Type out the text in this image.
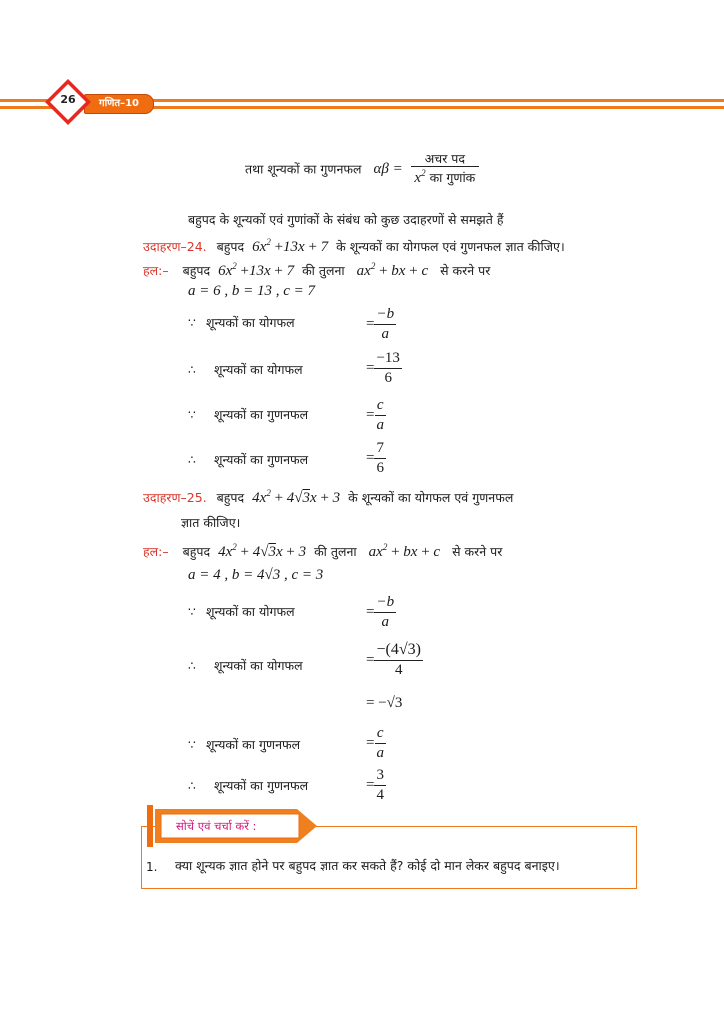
गणित–10
26
तथा शून्यकों का गुणनफल $\alpha\beta = \frac{\text{अचर पद}}{x^2 का गुणांक}$
बहुपद के शून्यकों एवं गुणांकों के संबंध को कुछ उदाहरणों से समझते हैं
उदाहरण–24. बहुपद $6x^2 +13x + 7$ के शून्यकों का योगफल एवं गुणनफल ज्ञात कीजिए।
हल:– बहुपद $6x^2 +13x + 7$ की तुलना $ax^2$ + bx + c से करने पर
a = 6 , b = 13 , c = 7
∵ शून्यकों का योगफल	= $\frac{-b}{a}$
∴ शून्यकों का योगफल	= $\frac{-13}{6}$
∵ शून्यकों का गुणनफल	= $\frac{c}{a}$
∴ शून्यकों का गुणनफल	= $\frac{7}{6}$
उदाहरण–25. बहुपद $4x^2 + 4√3x + 3$ के शून्यकों का योगफल एवं गुणनफल
ज्ञात कीजिए।
हल:– बहुपद $4x^2 + 4√3x + 3$ की तुलना $ax^2$ + bx + c से करने पर
a = 4 , b = 4√3 , c = 3
∵ शून्यकों का योगफल	= $\frac{-b}{a}$
∴ शून्यकों का योगफल	= $\frac{-(4√3)}{4}$
= −√3
∵ शून्यकों का गुणनफल	= $\frac{c}{a}$
∴ शून्यकों का गुणनफल	= $\frac{3}{4}$
सोचें एवं चर्चा करें :
1. क्या शून्यक ज्ञात होने पर बहुपद ज्ञात कर सकते हैं? कोई दो मान लेकर बहुपद बनाइए।
